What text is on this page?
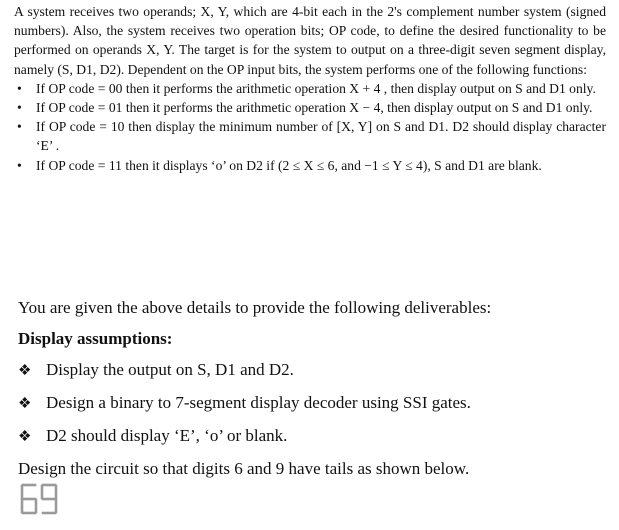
A system receives two operands; X, Y, which are 4-bit each in the 2's complement number system (signed numbers). Also, the system receives two operation bits; OP code, to define the desired functionality to be performed on operands X, Y. The target is for the system to output on a three-digit seven segment display, namely (S, D1, D2). Dependent on the OP input bits, the system performs one of the following functions:

• If OP code = 00 then it performs the arithmetic operation X + 4 , then display output on S and D1 only.
• If OP code = 01 then it performs the arithmetic operation X − 4, then display output on S and D1 only.
• If OP code = 10 then display the minimum number of [X, Y] on S and D1. D2 should display character ‘E’ .
• If OP code = 11 then it displays ‘o’ on D2 if (2 ≤ X ≤ 6, and −1 ≤ Y ≤ 4), S and D1 are blank.

You are given the above details to provide the following deliverables:

Display assumptions:

❖ Display the output on S, D1 and D2.

❖ Design a binary to 7-segment display decoder using SSI gates.

❖ D2 should display ‘E’, ‘o’ or blank.

Design the circuit so that digits 6 and 9 have tails as shown below.
